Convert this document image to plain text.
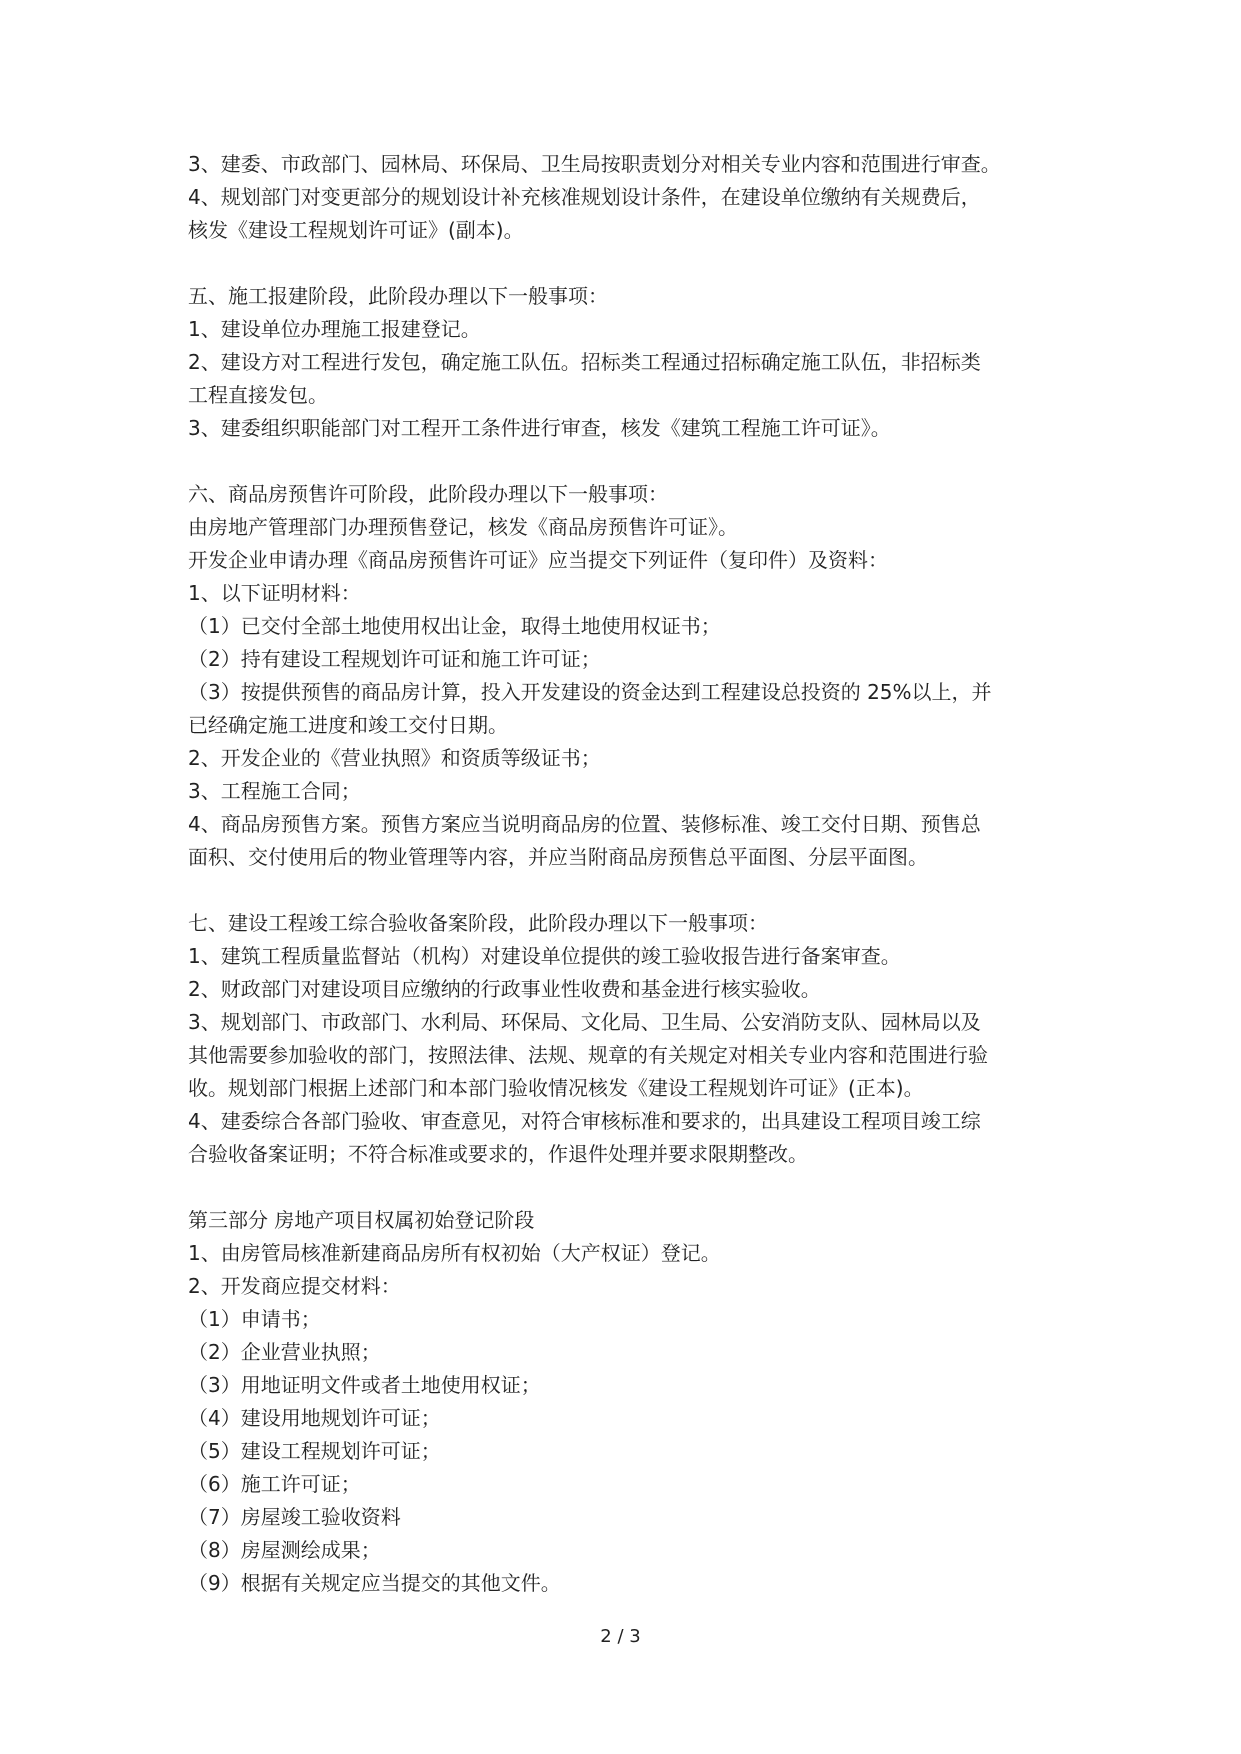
3、建委、市政部门、园林局、环保局、卫生局按职责划分对相关专业内容和范围进行审查。
4、规划部门对变更部分的规划设计补充核准规划设计条件，在建设单位缴纳有关规费后，
核发《建设工程规划许可证》(副本)。
五、施工报建阶段，此阶段办理以下一般事项：
1、建设单位办理施工报建登记。
2、建设方对工程进行发包，确定施工队伍。招标类工程通过招标确定施工队伍，非招标类
工程直接发包。
3、建委组织职能部门对工程开工条件进行审查，核发《建筑工程施工许可证》。
六、商品房预售许可阶段，此阶段办理以下一般事项：
由房地产管理部门办理预售登记，核发《商品房预售许可证》。
开发企业申请办理《商品房预售许可证》应当提交下列证件（复印件）及资料：
1、以下证明材料：
（1）已交付全部土地使用权出让金，取得土地使用权证书；
（2）持有建设工程规划许可证和施工许可证；
（3）按提供预售的商品房计算，投入开发建设的资金达到工程建设总投资的 25%以上，并
已经确定施工进度和竣工交付日期。
2、开发企业的《营业执照》和资质等级证书；
3、工程施工合同；
4、商品房预售方案。预售方案应当说明商品房的位置、装修标准、竣工交付日期、预售总
面积、交付使用后的物业管理等内容，并应当附商品房预售总平面图、分层平面图。
七、建设工程竣工综合验收备案阶段，此阶段办理以下一般事项：
1、建筑工程质量监督站（机构）对建设单位提供的竣工验收报告进行备案审查。
2、财政部门对建设项目应缴纳的行政事业性收费和基金进行核实验收。
3、规划部门、市政部门、水利局、环保局、文化局、卫生局、公安消防支队、园林局以及
其他需要参加验收的部门，按照法律、法规、规章的有关规定对相关专业内容和范围进行验
收。规划部门根据上述部门和本部门验收情况核发《建设工程规划许可证》(正本)。
4、建委综合各部门验收、审查意见，对符合审核标准和要求的，出具建设工程项目竣工综
合验收备案证明；不符合标准或要求的，作退件处理并要求限期整改。
第三部分 房地产项目权属初始登记阶段
1、由房管局核准新建商品房所有权初始（大产权证）登记。
2、开发商应提交材料：
（1）申请书；
（2）企业营业执照；
（3）用地证明文件或者土地使用权证；
（4）建设用地规划许可证；
（5）建设工程规划许可证；
（6）施工许可证；
（7）房屋竣工验收资料
（8）房屋测绘成果；
（9）根据有关规定应当提交的其他文件。
2 / 3
